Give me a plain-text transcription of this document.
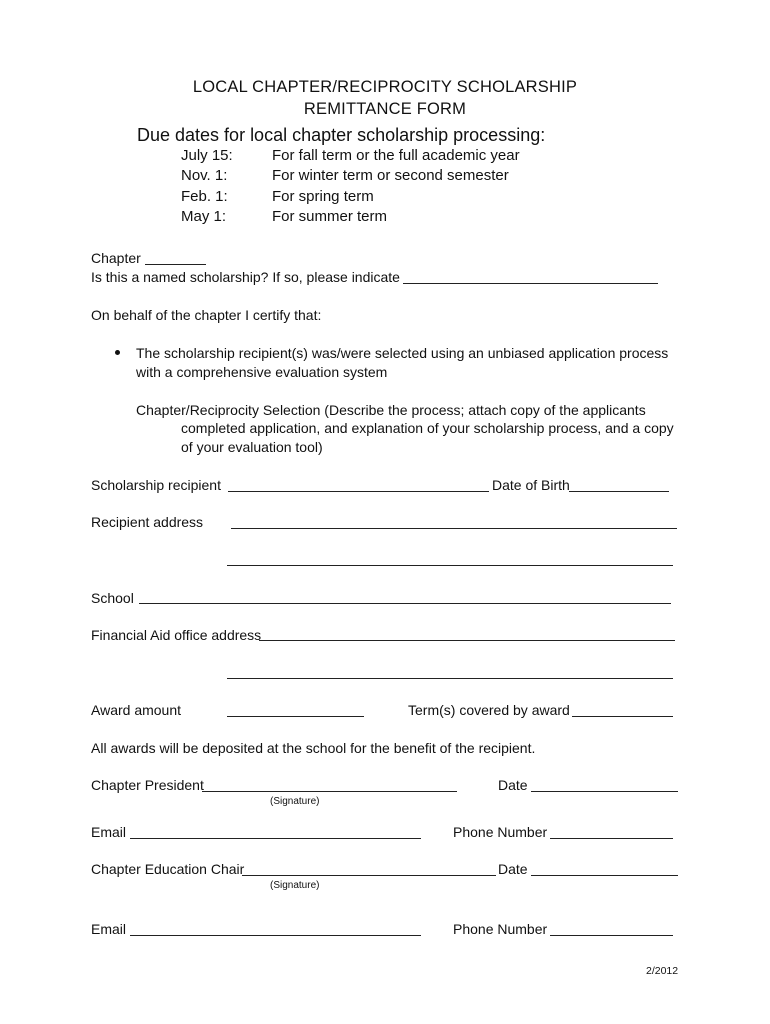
LOCAL CHAPTER/RECIPROCITY SCHOLARSHIP
REMITTANCE FORM
Due dates for local chapter scholarship processing:
July 15:	For fall term or the full academic year
Nov. 1:	For winter term or second semester
Feb. 1:	For spring term
May 1:	For summer term
Chapter
Is this a named scholarship? If so, please indicate
On behalf of the chapter I certify that:
The scholarship recipient(s) was/were selected using an unbiased application process
with a comprehensive evaluation system
Chapter/Reciprocity Selection (Describe the process; attach copy of the applicants
completed application, and explanation of your scholarship process, and a copy
of your evaluation tool)
Scholarship recipient	Date of Birth
Recipient address
School
Financial Aid office address
Award amount	Term(s) covered by award
All awards will be deposited at the school for the benefit of the recipient.
Chapter President	Date
(Signature)
Email	Phone Number
Chapter Education Chair	Date
(Signature)
Email	Phone Number
2/2012
